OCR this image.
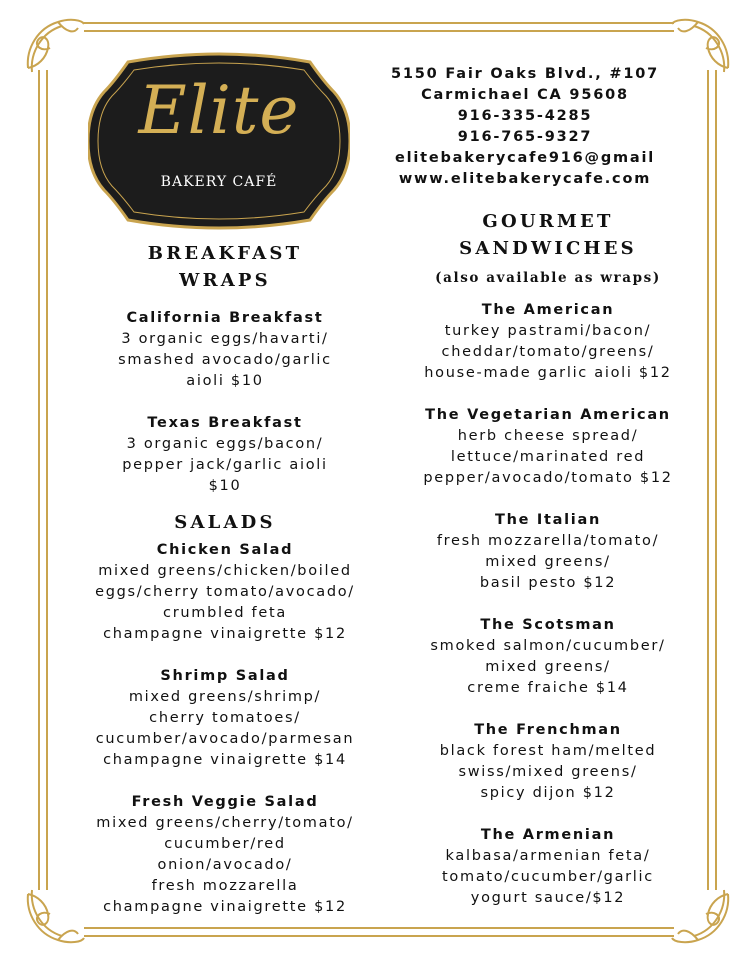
Elite
BAKERY CAFÉ
5150 Fair Oaks Blvd., #107
Carmichael CA 95608
916-335-4285
916-765-9327
elitebakerycafe916@gmail
www.elitebakerycafe.com
BREAKFAST
WRAPS
California Breakfast
3 organic eggs/havarti/
smashed avocado/garlic
aioli $10
Texas Breakfast
3 organic eggs/bacon/
pepper jack/garlic aioli
$10
SALADS
Chicken Salad
mixed greens/chicken/boiled
eggs/cherry tomato/avocado/
crumbled feta
champagne vinaigrette $12
Shrimp Salad
mixed greens/shrimp/
cherry tomatoes/
cucumber/avocado/parmesan
champagne vinaigrette $14
Fresh Veggie Salad
mixed greens/cherry/tomato/
cucumber/red
onion/avocado/
fresh mozzarella
champagne vinaigrette $12
GOURMET
SANDWICHES
(also available as wraps)
The American
turkey pastrami/bacon/
cheddar/tomato/greens/
house-made garlic aioli $12
The Vegetarian American
herb cheese spread/
lettuce/marinated red
pepper/avocado/tomato $12
The Italian
fresh mozzarella/tomato/
mixed greens/
basil pesto $12
The Scotsman
smoked salmon/cucumber/
mixed greens/
creme fraiche $14
The Frenchman
black forest ham/melted
swiss/mixed greens/
spicy dijon $12
The Armenian
kalbasa/armenian feta/
tomato/cucumber/garlic
yogurt sauce/$12
